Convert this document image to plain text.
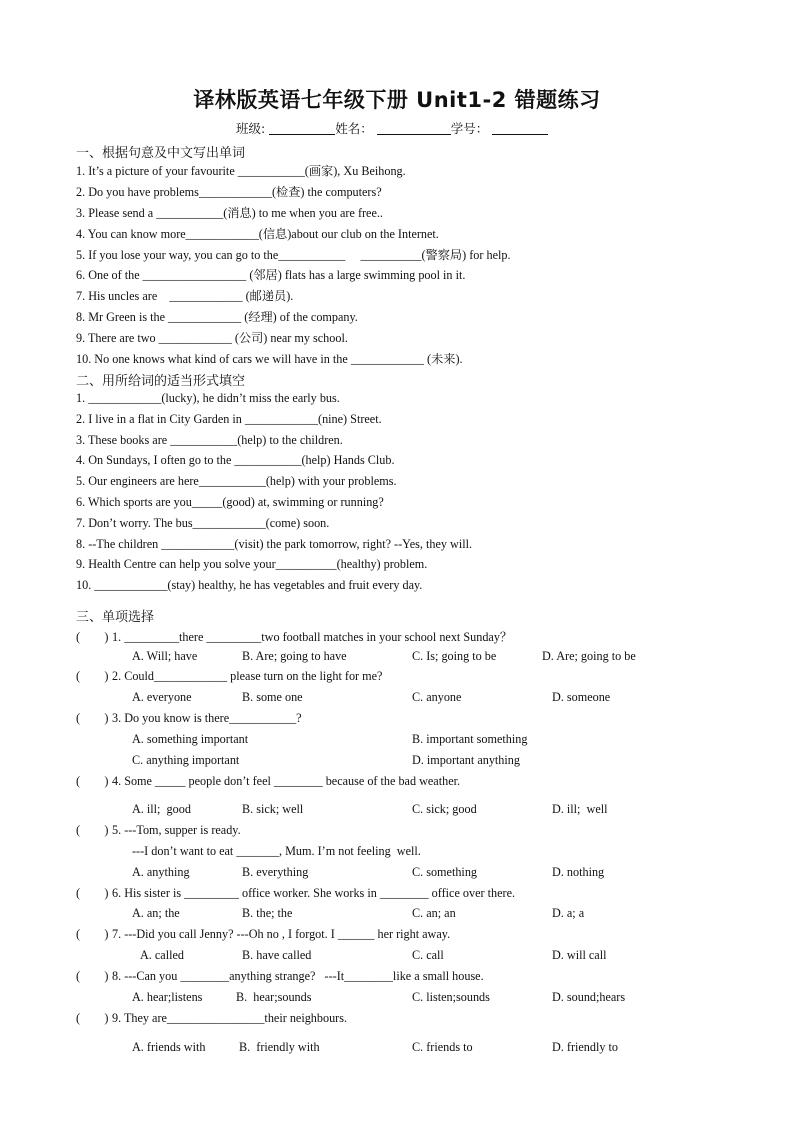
译林版英语七年级下册 Unit1-2 错题练习
班级:	姓名：	学号：
一、根据句意及中文写出单词
1. It’s a picture of your favourite ___________(画家), Xu Beihong.
2. Do you have problems____________(检查) the computers?
3. Please send a ___________(消息) to me when you are free..
4. You can know more____________(信息)about our club on the Internet.
5. If you lose your way, you can go to the___________     __________(警察局) for help.
6. One of the _________________ (邻居) flats has a large swimming pool in it.
7. His uncles are    ____________ (邮递员).
8. Mr Green is the ____________ (经理) of the company.
9. There are two ____________ (公司) near my school.
10. No one knows what kind of cars we will have in the ____________ (未来).
二、用所给词的适当形式填空
1. ____________(lucky), he didn’t miss the early bus.
2. I live in a flat in City Garden in ____________(nine) Street.
3. These books are ___________(help) to the children.
4. On Sundays, I often go to the ___________(help) Hands Club.
5. Our engineers are here___________(help) with your problems.
6. Which sports are you_____(good) at, swimming or running?
7. Don’t worry. The bus____________(come) soon.
8. --The children ____________(visit) the park tomorrow, right? --Yes, they will.
9. Health Centre can help you solve your__________(healthy) problem.
10. ____________(stay) healthy, he has vegetables and fruit every day.
三、单项选择
(        ) 1. _________there _________two football matches in your school next Sunday？
A. Will; have	B. Are; going to have	C. Is; going to be	D. Are; going to be
(        ) 2. Could____________ please turn on the light for me?
A. everyone	B. some one	C. anyone	D. someone
(        ) 3. Do you know is there___________?
A. something important	B. important something
C. anything important	D. important anything
(        ) 4. Some _____ people don’t feel ________ because of the bad weather.
A. ill;  good	B. sick; well	C. sick; good	D. ill;  well
(        ) 5. ---Tom, supper is ready.
---I don’t want to eat _______, Mum. I’m not feeling  well.
A. anything	B. everything	C. something	D. nothing
(        ) 6. His sister is _________ office worker. She works in ________ office over there.
A. an; the	B. the; the	C. an; an	D. a; a
(        ) 7. ---Did you call Jenny? ---Oh no , I forgot. I ______ her right away.
A. called	B. have called	C. call	D. will call
(        ) 8. ---Can you ________anything strange?   ---It________like a small house.
A. hear;listens	B.  hear;sounds	C. listen;sounds	D. sound;hears
(        ) 9. They are________________their neighbours.
A. friends with	B.  friendly with	C. friends to	D. friendly to
